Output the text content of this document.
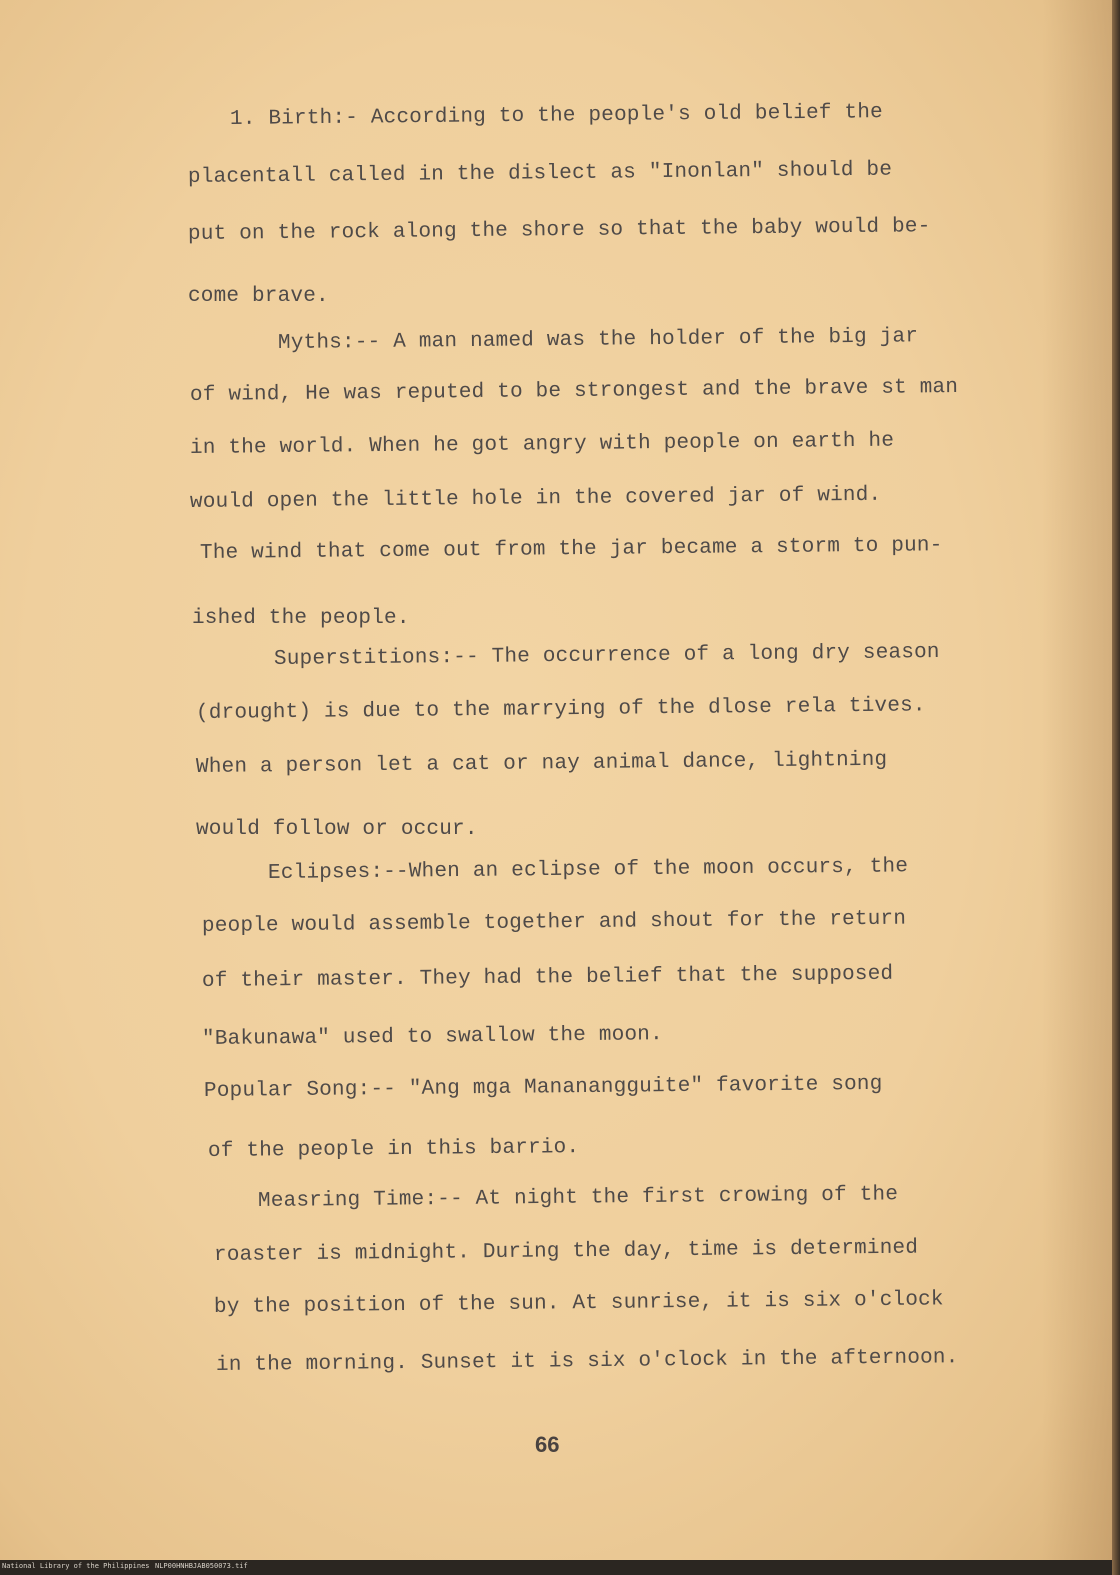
1. Birth:- According to the people's old belief the
placentall called in the dislect as "Inonlan" should be
put on the rock along the shore so that the baby would be-
come brave.
Myths:-- A man named was the holder of the big jar
of wind, He was reputed to be strongest and the brave st man
in the world. When he got angry with people on earth he
would open the little hole in the covered jar of wind.
The wind that come out from the jar became a storm to pun-
ished the people.
Superstitions:-- The occurrence of a long dry season
(drought) is due to the marrying of the dlose rela tives.
When a person let a cat or nay animal dance, lightning
would follow or occur.
Eclipses:--When an eclipse of the moon occurs, the
people would assemble together and shout for the return
of their master. They had the belief that the supposed
"Bakunawa" used to swallow the moon.
Popular Song:-- "Ang mga Mananangguite" favorite song
of the people in this barrio.
Measring Time:-- At night the first crowing of the
roaster is midnight. During the day, time is determined
by the position of the sun. At sunrise, it is six o'clock
in the morning. Sunset it is six o'clock in the afternoon.
66
National Library of the Philippines NLP00HNHBJAB050073.tif
